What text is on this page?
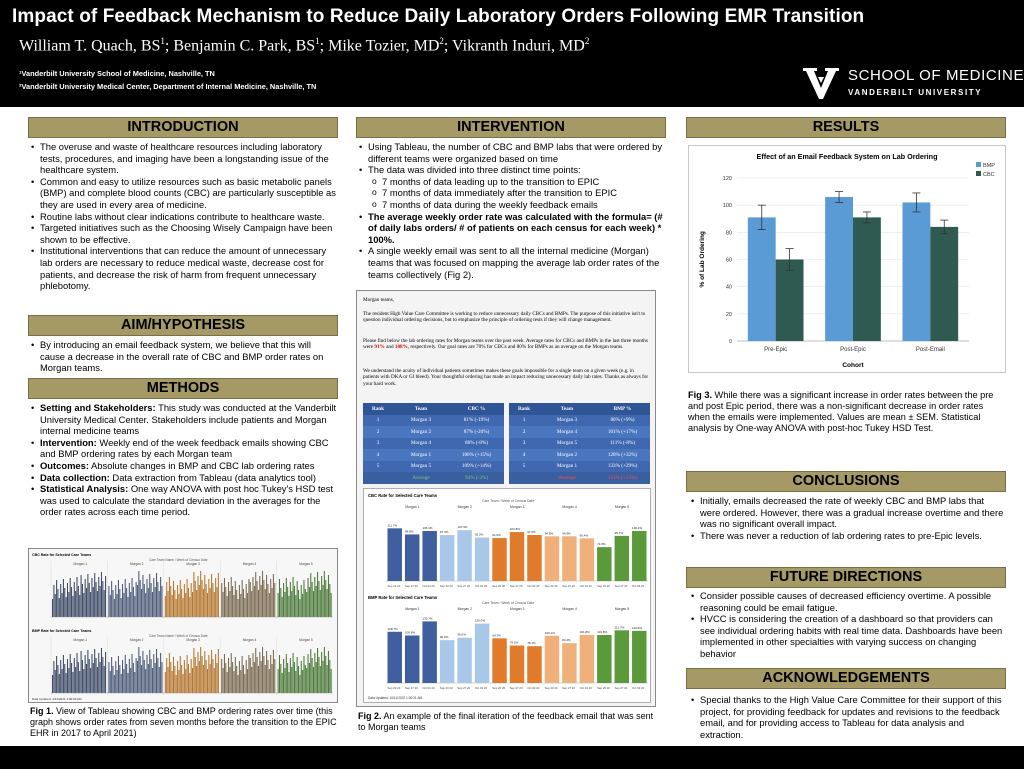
Impact of Feedback Mechanism to Reduce Daily Laboratory Orders Following EMR Transition
William T. Quach, $BS^1$; Benjamin C. Park, $BS^1$; Mike Tozier, $MD^2$; Vikranth Induri, $MD^2$
¹Vanderbilt University School of Medicine, Nashville, TN
²Vanderbilt University Medical Center, Department of Internal Medicine, Nashville, TN
SCHOOL OF MEDICINE
VANDERBILT UNIVERSITY
INTRODUCTION
• The overuse and waste of healthcare resources including laboratory tests, procedures, and imaging have been a longstanding issue of the healthcare system.
• Common and easy to utilize resources such as basic metabolic panels (BMP) and complete blood counts (CBC) are particularly susceptible as they are used in every area of medicine.
• Routine labs without clear indications contribute to healthcare waste.
• Targeted initiatives such as the Choosing Wisely Campaign have been shown to be effective.
• Institutional interventions that can reduce the amount of unnecessary lab orders are necessary to reduce medical waste, decrease cost for patients, and decrease the risk of harm from frequent unnecessary phlebotomy.
AIM/HYPOTHESIS
• By introducing an email feedback system, we believe that this will cause a decrease in the overall rate of CBC and BMP order rates on Morgan teams.
METHODS
• Setting and Stakeholders: This study was conducted at the Vanderbilt University Medical Center. Stakeholders include patients and Morgan internal medicine teams
• Intervention: Weekly end of the week feedback emails showing CBC and BMP ordering rates by each Morgan team
• Outcomes: Absolute changes in BMP and CBC lab ordering rates
• Data collection: Data extraction from Tableau (data analytics tool)
• Statistical Analysis: One way ANOVA with post hoc Tukey's HSD test was used to calculate the standard deviation in the averages for the order rates across each time period.
CBC Rate for Selected Care Teams
Care Team Name / Week of Census Date
Morgan 1	Morgan 2	Morgan 3	Morgan 4	Morgan 5
BMP Rate for Selected Care Teams
Care Team Name / Week of Census Date
Morgan 1	Morgan 2	Morgan 3	Morgan 4	Morgan 5
Data Updated: 4/13/2021 1:00:00 AM
Fig 1. View of Tableau showing CBC and BMP ordering rates over time (this graph shows order rates from seven months before the transition to the EPIC EHR in 2017 to April 2021)
INTERVENTION
• Using Tableau, the number of CBC and BMP labs that were ordered by different teams were organized based on time
• The data was divided into three distinct time points:
o 7 months of data leading up to the transition to EPIC
o 7 months of data immediately after the transition to EPIC
o 7 months of data during the weekly feedback emails
• The average weekly order rate was calculated with the formula= (# of daily labs orders/ # of patients on each census for each week) * 100%.
• A single weekly email was sent to all the internal medicine (Morgan) teams that was focused on mapping the average lab order rates of the teams collectively (Fig 2).
Morgan teams,
The resident High Value Care Committee is working to reduce unnecessary daily CBCs and BMPs. The purpose of this initiative isn't to question individual ordering decisions, but to emphasize the principle of ordering tests if they will change management.
Please find below the lab ordering rates for Morgan teams over the past week. Average rates for CBCs and BMPs in the last three months were 91% and 108%, respectively. Our goal rates are 70% for CBCs and 80% for BMPs as an average on the Morgan teams.
We understand the acuity of individual patients sometimes makes these goals impossible for a single team on a given week (e.g. in patients with DKA or GI bleed). Your thoughtful ordering has made an impact reducing unnecessary daily lab rates. Thanks as always for your hard work.
Rank	Team	CBC %
1	Morgan 3	81% (-19%)
2	Morgan 2	87% (-20%)
3	Morgan 4	88% (-8%)
4	Morgan 1	106% (+15%)
5	Morgan 5	109% (+14%)
Average	94% (-3%)
Rank	Team	BMP %
1	Morgan 3	80% (+9%)
2	Morgan 4	101% (+17%)
3	Morgan 5	111% (-8%)
4	Morgan 2	128% (+32%)
5	Morgan 1	133% (+29%)
Average	111% (+13%)
CBC Rate for Selected Care Teams
Care Team / Week of Census Date
Morgan 1	Morgan 2	Morgan 3	Morgan 4	Morgan 5
111.7%
Sep 20 20
98.8%
Sep 27 20
106.1%
Oct 04 20
97.4%
Sep 20 20
107.9%
Sep 27 20
92.2%
Oct 04 20
91.0%
Sep 20 20
103.8%
Sep 27 20
97.6%
Oct 04 20
94.8%
Sep 20 20
94.9%
Sep 27 20
90.4%
Oct 04 20
71.8%
Sep 20 20
95.7%
Sep 27 20
106.1%
Oct 04 20
BMP Rate for Selected Care Teams
Care Team / Week of Census Date
Morgan 1	Morgan 2	Morgan 3	Morgan 4	Morgan 5
108.7%
Sep 20 20
100.8%
Sep 27 20
130.7%
Oct 04 20
90.9%
Sep 20 20
96.0%
Sep 27 20
126.0%
Oct 04 20
94.7%
Sep 20 20
79.5%
Sep 27 20
78.1%
Oct 04 20
100.1%
Sep 20 20
84.4%
Sep 27 20
101.8%
Oct 04 20
101.8%
Sep 20 20
111.7%
Sep 27 20
110.6%
Oct 04 20
Data Updated: 10/11/2022 1:00:01 AM
Fig 2. An example of the final iteration of the feedback email that was sent to Morgan teams
RESULTS
Effect of an Email Feedback System on Lab Ordering
0
20
40
60
80
100
120
% of Lab Ordering
Cohort
Pre-Epic	Post-Epic	Post-Email
BMP
CBC
Fig 3. While there was a significant increase in order rates between the pre and post Epic period, there was a non-significant decrease in order rates when the emails were implemented. Values are mean ± SEM. Statistical analysis by One-way ANOVA with post-hoc Tukey HSD Test.
CONCLUSIONS
• Initially, emails decreased the rate of weekly CBC and BMP labs that were ordered. However, there was a gradual increase overtime and there was no significant overall impact.
• There was never a reduction of lab ordering rates to pre-Epic levels.
FUTURE DIRECTIONS
• Consider possible causes of decreased efficiency overtime. A possible reasoning could be email fatigue.
• HVCC is considering the creation of a dashboard so that providers can see individual ordering habits with real time data. Dashboards have been implemented in other specialties with varying success on changing behavior
ACKNOWLEDGEMENTS
• Special thanks to the High Value Care Committee for their support of this project, for providing feedback for updates and revisions to the feedback email, and for providing access to Tableau for data analysis and extraction.
